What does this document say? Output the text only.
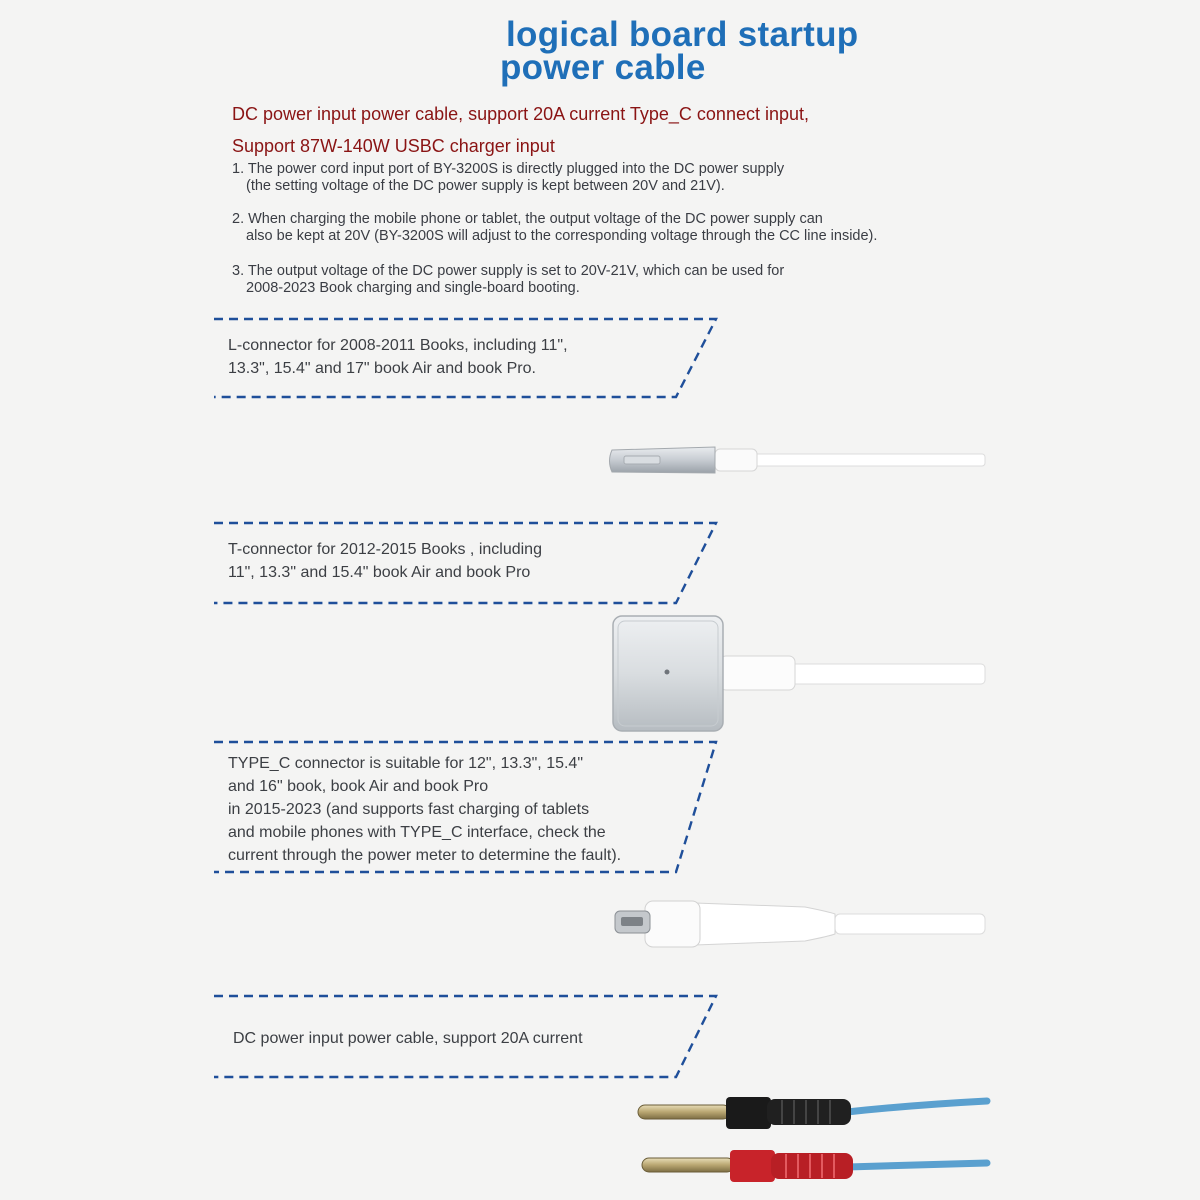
logical board startup
power cable
DC power input power cable, support 20A current Type_C connect input,
Support 87W-140W USBC charger input
1. The power cord input port of BY-3200S is directly plugged into the DC power supply
(the setting voltage of the DC power supply is kept between 20V and 21V).
2. When charging the mobile phone or tablet, the output voltage of the DC power supply can
also be kept at 20V (BY-3200S will adjust to the corresponding voltage through the CC line inside).
3. The output voltage of the DC power supply is set to 20V-21V, which can be used for
2008-2023 Book charging and single-board booting.
L-connector for 2008-2011 Books, including 11",
13.3", 15.4" and 17" book Air and book Pro.
T-connector for 2012-2015 Books , including
11", 13.3" and 15.4" book Air and book Pro
TYPE_C connector is suitable for 12", 13.3", 15.4"
and 16" book, book Air and book Pro
in 2015-2023 (and supports fast charging of tablets
and mobile phones with TYPE_C interface, check the
current through the power meter to determine the fault).
DC power input power cable, support 20A current
